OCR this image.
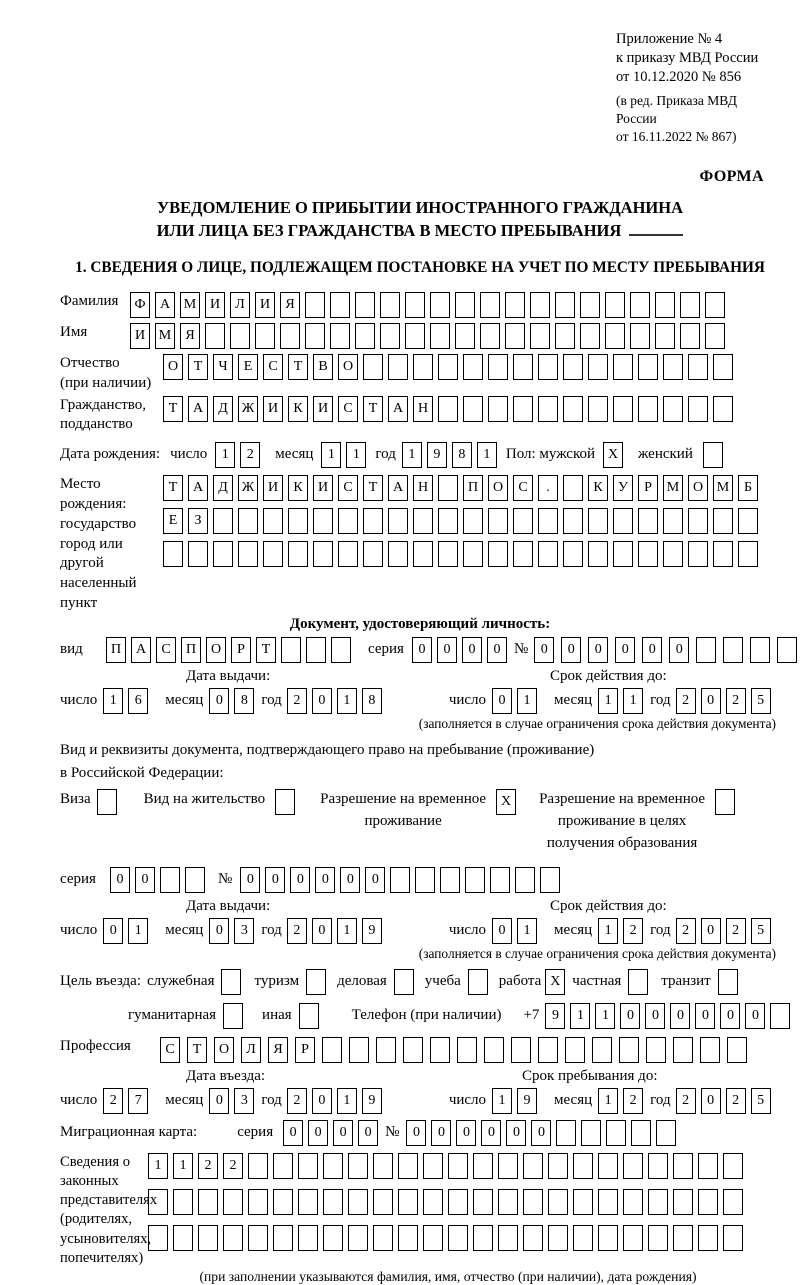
Приложение № 4
к приказу МВД России
от 10.12.2020 № 856
(в ред. Приказа МВД России
от 16.11.2022 № 867)
ФОРМА
УВЕДОМЛЕНИЕ О ПРИБЫТИИ ИНОСТРАННОГО ГРАЖДАНИНА
ИЛИ ЛИЦА БЕЗ ГРАЖДАНСТВА В МЕСТО ПРЕБЫВАНИЯ
1. СВЕДЕНИЯ О ЛИЦЕ, ПОДЛЕЖАЩЕМ ПОСТАНОВКЕ НА УЧЕТ ПО МЕСТУ ПРЕБЫВАНИЯ
Фамилия	Ф	А М И	Л	И	Я
Имя	И М	Я
Отчество
(при наличии)
О	Т	Ч	Е	С	Т	В	О
Гражданство,
подданство
Т	А	Д Ж И	К	И	С	Т	А	Н
Дата рождения: число	1	2	месяц	1	1	год 1	9	8	1	Пол: мужской X	женский
Место рождения:
государство
город или другой
населенный пункт
Т	А	Д Ж И	К	И	С	Т	А	Н	П	О	С	.	К	У	Р	М О М	Б
Е	З
Документ, удостоверяющий личность:
вид	П	А	С	П	О	Р	Т	серия	0	0	0	0 № 0	0	0	0	0	0
Дата выдачи:	Срок действия до:
число 1	6	месяц 0	8 год 2	0	1	8	число 0	1	месяц 1	1 год 2	0	2	5
(заполняется в случае ограничения срока действия документа)
Вид и реквизиты документа, подтверждающего право на пребывание (проживание)
в Российской Федерации:
Виза	Вид на жительство	Разрешение на временное
проживание
X	Разрешение на временное
проживание в целях
получения образования
серия	0	0	№	0	0	0	0	0	0
Дата выдачи:	Срок действия до:
число 0	1	месяц 0	3 год 2	0	1	9	число 0	1	месяц 1	2 год 2	0	2	5
(заполняется в случае ограничения срока действия документа)
Цель въезда: служебная	туризм	деловая	учеба	работа X частная	транзит
гуманитарная	иная	Телефон (при наличии) +7 9	1	1	0	0	0	0	0	0
Профессия	С	Т	О	Л	Я	Р
Дата въезда:	Срок пребывания до:
число 2	7	месяц 0	3 год 2	0	1	9	число 1	9	месяц 1	2 год 2	0	2	5
Миграционная карта:	серия	0	0	0	0 № 0	0	0	0	0	0
Сведения о
законных
представителях
(родителях,
усыновителях,
попечителях)
1	1	2	2
(при заполнении указываются фамилия, имя, отчество (при наличии), дата рождения)
